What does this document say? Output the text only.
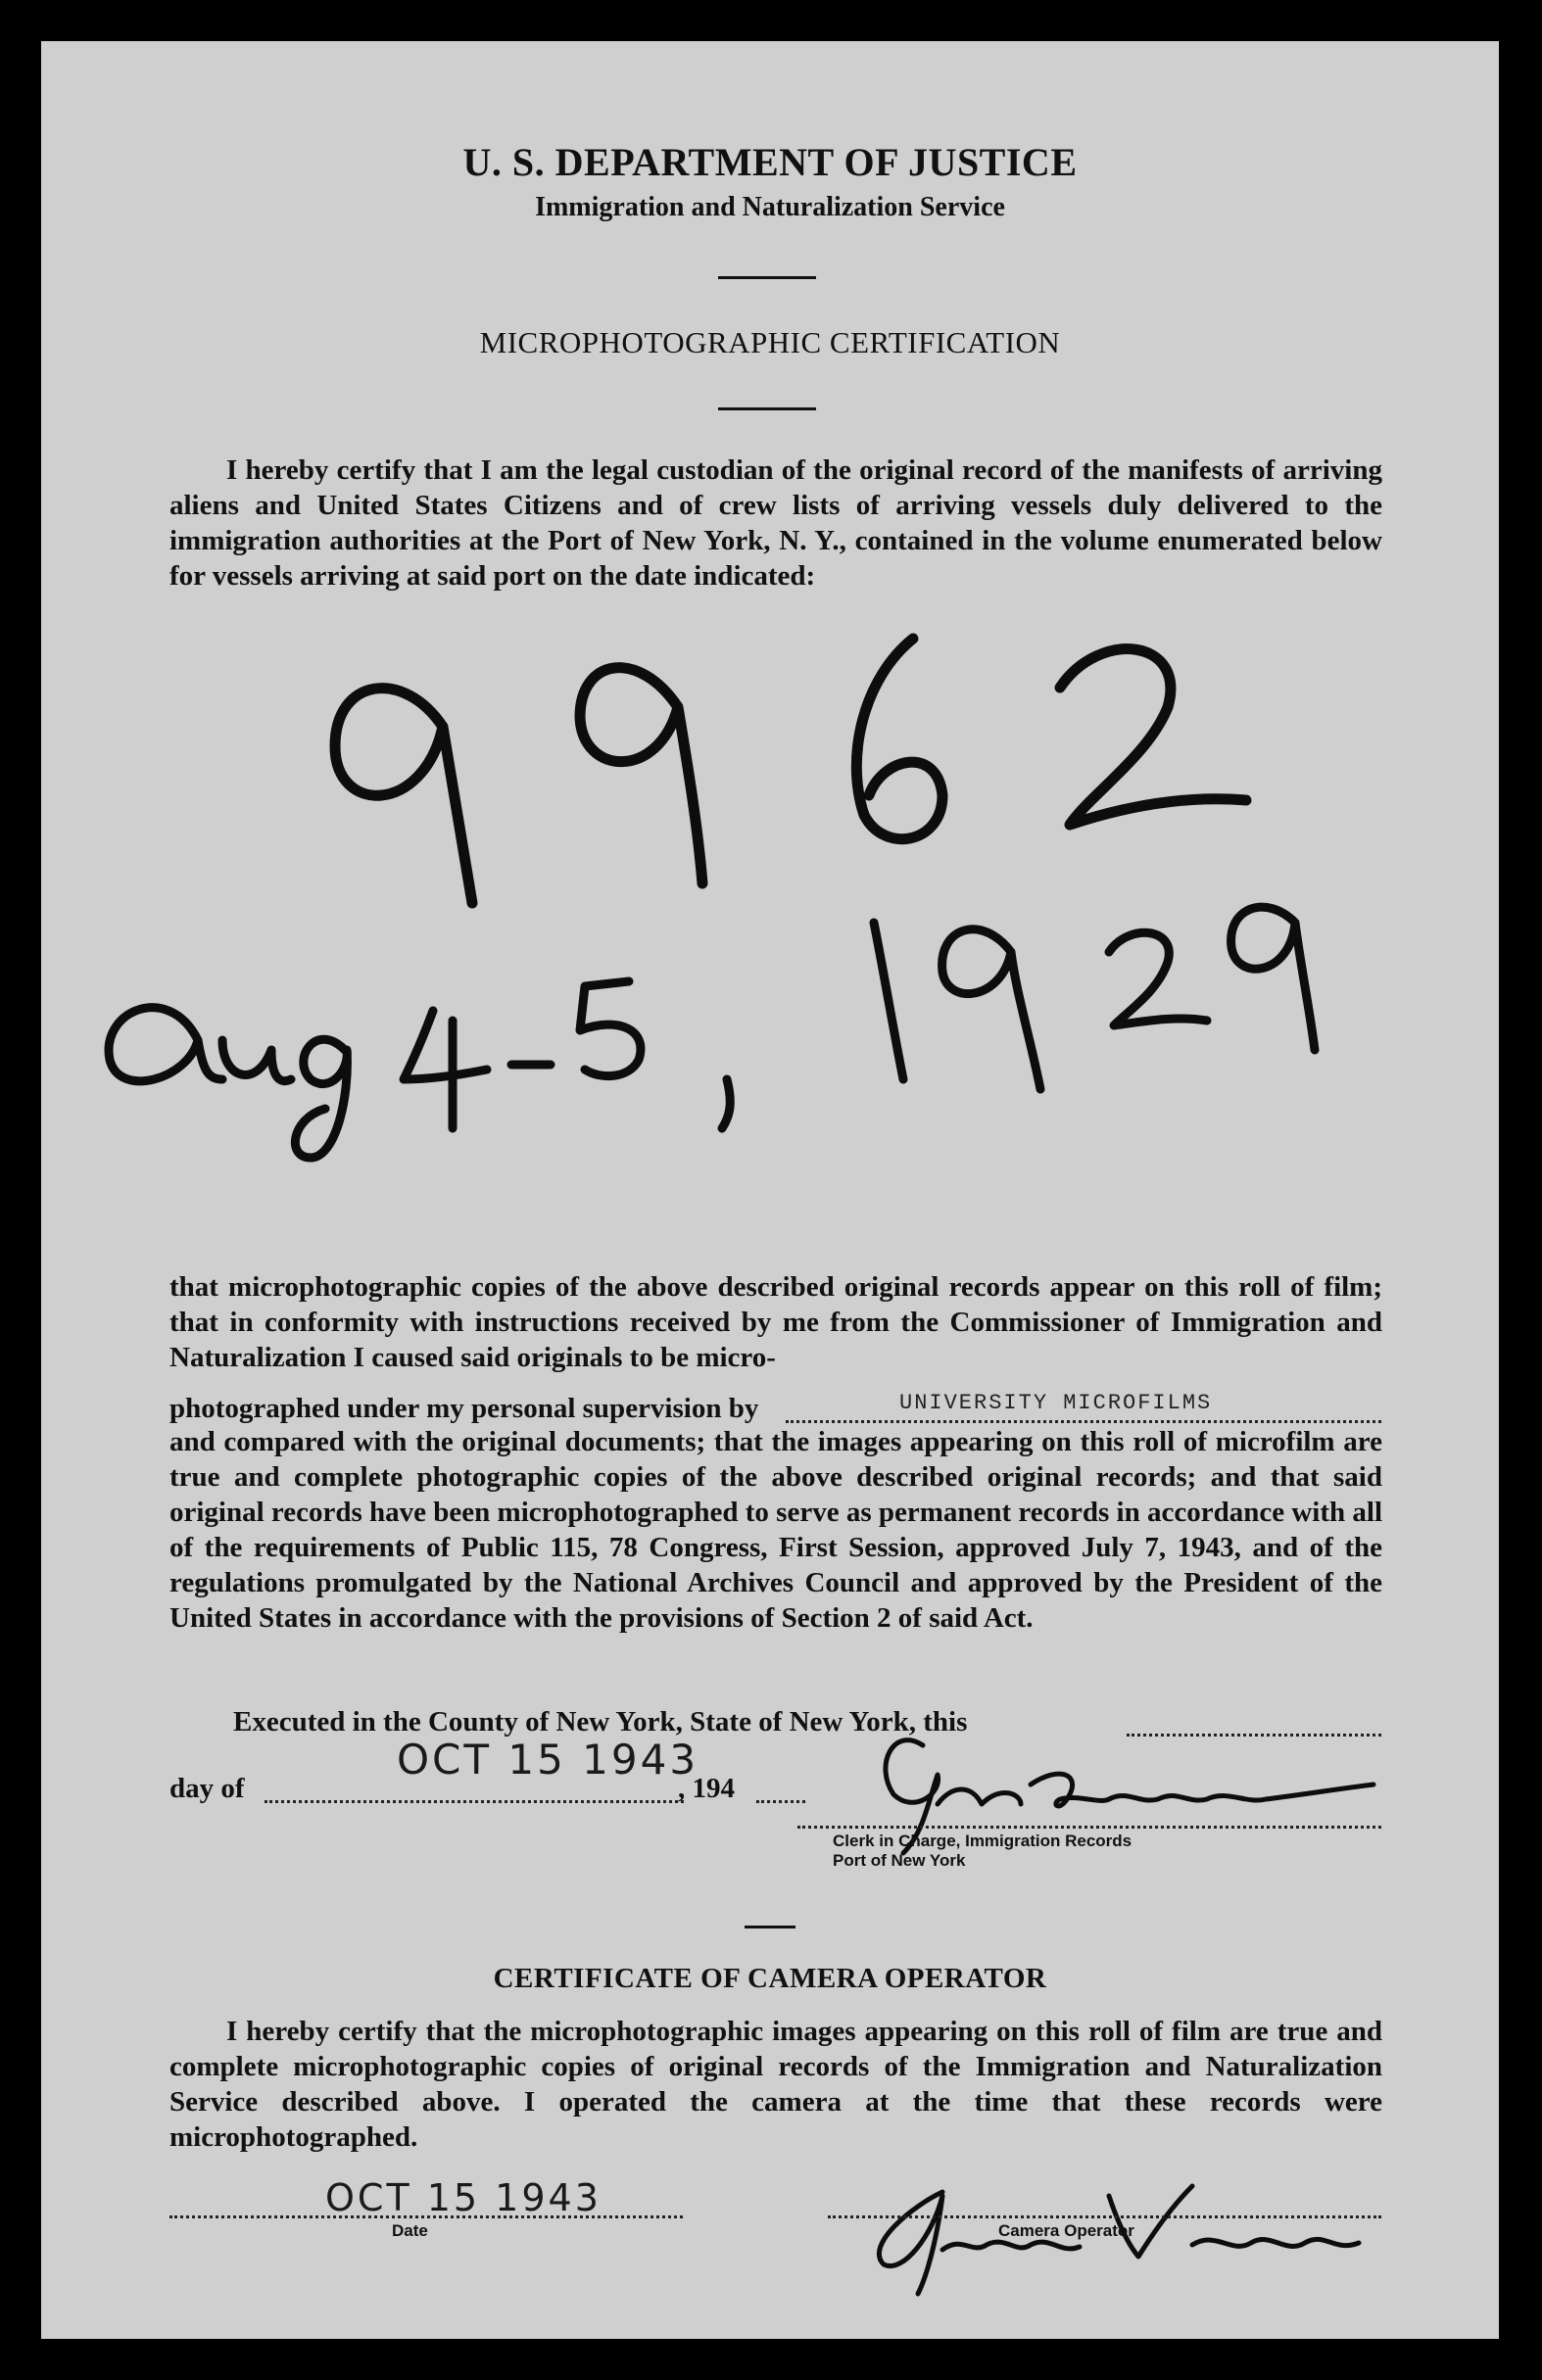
U. S. DEPARTMENT OF JUSTICE
Immigration and Naturalization Service
MICROPHOTOGRAPHIC CERTIFICATION

I hereby certify that I am the legal custodian of the original record of the manifests of arriving aliens and United States Citizens and of crew lists of arriving vessels duly delivered to the immigration authorities at the Port of New York, N. Y., contained in the volume enumerated below for vessels arriving at said port on the date indicated:

that microphotographic copies of the above described original records appear on this roll of film; that in conformity with instructions received by me from the Commissioner of Immigration and Naturalization I caused said originals to be micro-

photographed under my personal supervision by	UNIVERSITY MICROFILMS

and compared with the original documents; that the images appearing on this roll of microfilm are true and complete photographic copies of the above described original records; and that said original records have been microphotographed to serve as permanent records in accordance with all of the requirements of Public 115, 78 Congress, First Session, approved July 7, 1943, and of the regulations promulgated by the National Archives Council and approved by the President of the United States in accordance with the provisions of Section 2 of said Act.

Executed in the County of New York, State of New York, this
day of
OCT 15 1943
, 194
Clerk in Charge, Immigration Records
Port of New York
CERTIFICATE OF CAMERA OPERATOR

I hereby certify that the microphotographic images appearing on this roll of film are true and complete microphotographic copies of original records of the Immigration and Naturalization Service described above. I operated the camera at the time that these records were microphotographed.

OCT 15 1943
Date	Camera Operator
